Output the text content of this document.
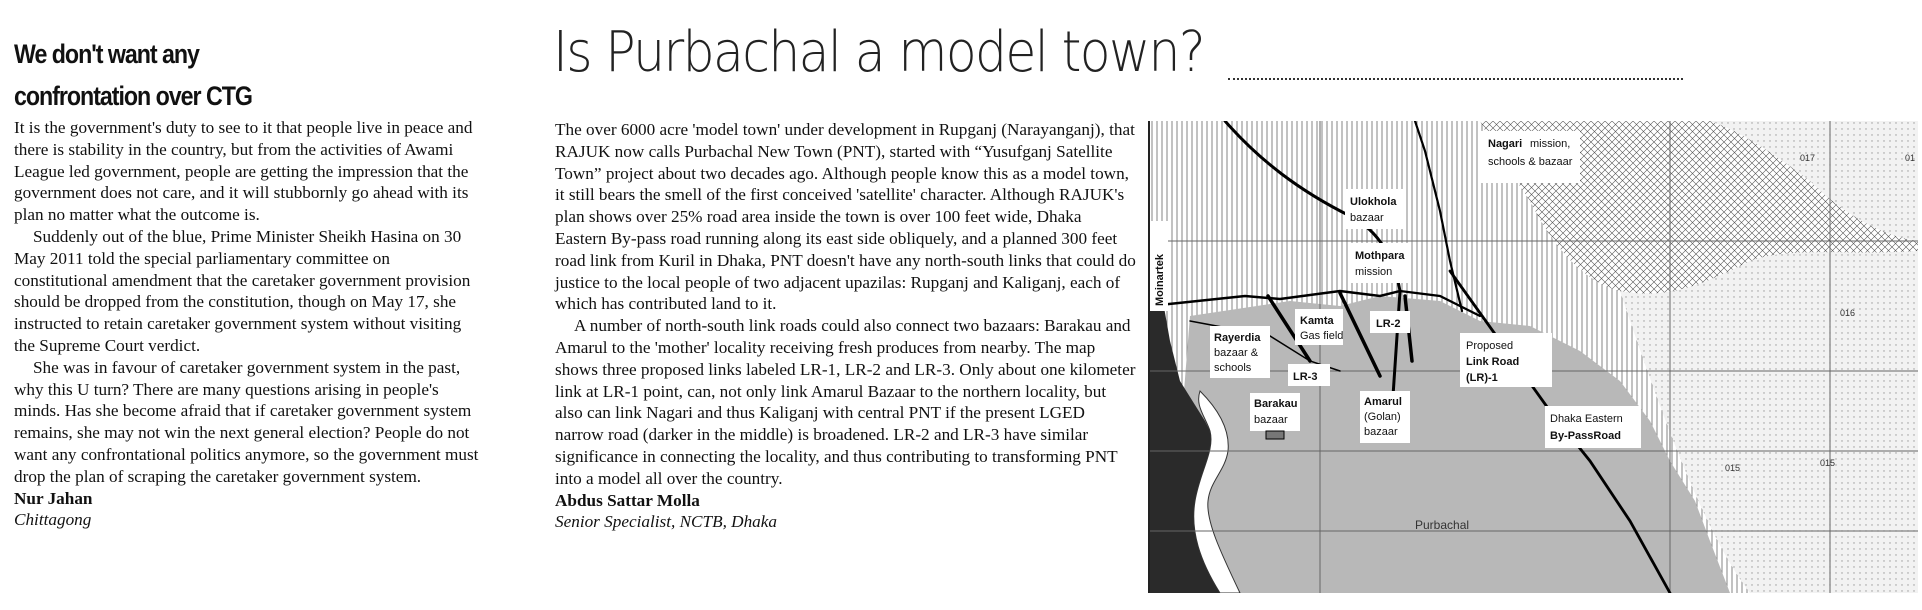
We don't want any
confrontation over CTG

It is the government's duty to see to it that people live in peace and there is stability in the country, but from the activities of Awami League led government, people are getting the impression that the government does not care, and it will stubbornly go ahead with its plan no matter what the outcome is.

Suddenly out of the blue, Prime Minister Sheikh Hasina on 30 May 2011 told the special parliamentary committee on constitutional amendment that the caretaker government provision should be dropped from the constitution, though on May 17, she instructed to retain caretaker government system without visiting the Supreme Court verdict.

She was in favour of caretaker government system in the past, why this U turn? There are many questions arising in people's minds. Has she become afraid that if caretaker government system remains, she may not win the next general election? People do not want any confrontational politics anymore, so the government must drop the plan of scraping the caretaker government system.

Nur Jahan

Chittagong

Is Purbachal a model town?

The over 6000 acre 'model town' under development in Rupganj (Narayanganj), that RAJUK now calls Purbachal New Town (PNT), started with “Yusufganj Satellite Town” project about two decades ago. Although people know this as a model town, it still bears the smell of the first conceived 'satellite' character. Although RAJUK's plan shows over 25% road area inside the town is over 100 feet wide, Dhaka Eastern By-pass road running along its east side obliquely, and a planned 300 feet road link from Kuril in Dhaka, PNT doesn't have any north-south links that could do justice to the local people of two adjacent upazilas: Rupganj and Kaliganj, each of which has contributed land to it.

A number of north-south link roads could also connect two bazaars: Barakau and Amarul to the 'mother' locality receiving fresh produces from nearby. The map shows three proposed links labeled LR-1, LR-2 and LR-3. Only about one kilometer link at LR-1 point, can, not only link Amarul Bazaar to the northern locality, but also can link Nagari and thus Kaliganj with central PNT if the present LGED narrow road (darker in the middle) is broadened. LR-2 and LR-3 have similar significance in connecting the locality, and thus contributing to transforming PNT into a model all over the country.

Abdus Sattar Molla

Senior Specialist, NCTB, Dhaka

Nagari mission,
schools & bazaar
Ulokhola
bazaar
Mothpara
mission
Moinartek
Kamta
Gas field
LR-2
Rayerdia
bazaar &
schools
LR-3
Proposed
Link Road
(LR)-1
Barakau
bazaar
Amarul
(Golan)
bazaar
Dhaka Eastern
By-PassRoad
Purbachal
017
016
015	015
01
